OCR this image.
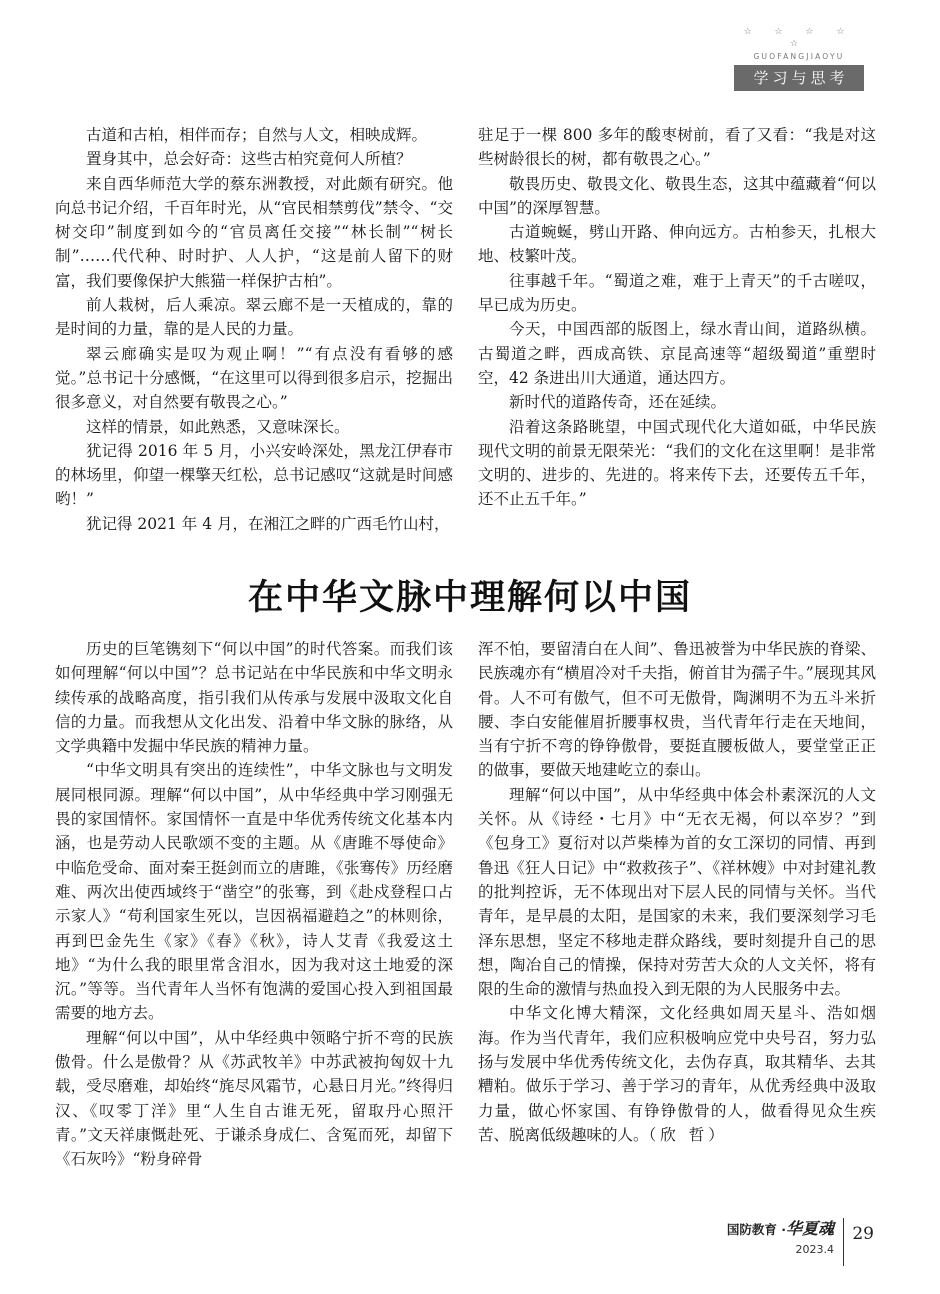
☆ ☆ ☆ ☆ ☆
GUOFANGJIAOYU
学习与思考

古道和古柏，相伴而存；自然与人文，相映成辉。

置身其中，总会好奇：这些古柏究竟何人所植？

来自西华师范大学的蔡东洲教授，对此颇有研究。他向总书记介绍，千百年时光，从“官民相禁剪伐”禁令、“交树交印”制度到如今的“官员离任交接”“林长制”“树长制”……代代种、时时护、人人护，“这是前人留下的财富，我们要像保护大熊猫一样保护古柏”。

前人栽树，后人乘凉。翠云廊不是一天植成的，靠的是时间的力量，靠的是人民的力量。

翠云廊确实是叹为观止啊！”“有点没有看够的感觉。”总书记十分感慨，“在这里可以得到很多启示，挖掘出很多意义，对自然要有敬畏之心。”

这样的情景，如此熟悉，又意味深长。

犹记得 2016 年 5 月，小兴安岭深处，黑龙江伊春市的林场里，仰望一棵擎天红松，总书记感叹“这就是时间感哟！”

犹记得 2021 年 4 月，在湘江之畔的广西毛竹山村，

驻足于一棵 800 多年的酸枣树前，看了又看：“我是对这些树龄很长的树，都有敬畏之心。”

敬畏历史、敬畏文化、敬畏生态，这其中蕴藏着“何以中国”的深厚智慧。

古道蜿蜒，劈山开路、伸向远方。古柏参天，扎根大地、枝繁叶茂。

往事越千年。“蜀道之难，难于上青天”的千古嗟叹，早已成为历史。

今天，中国西部的版图上，绿水青山间，道路纵横。古蜀道之畔，西成高铁、京昆高速等“超级蜀道”重塑时空，42 条进出川大通道，通达四方。

新时代的道路传奇，还在延续。

沿着这条路眺望，中国式现代化大道如砥，中华民族现代文明的前景无限荣光：“我们的文化在这里啊！是非常文明的、进步的、先进的。将来传下去，还要传五千年，还不止五千年。”

在中华文脉中理解何以中国

历史的巨笔镌刻下“何以中国”的时代答案。而我们该如何理解“何以中国”？总书记站在中华民族和中华文明永续传承的战略高度，指引我们从传承与发展中汲取文化自信的力量。而我想从文化出发、沿着中华文脉的脉络，从文学典籍中发掘中华民族的精神力量。

“中华文明具有突出的连续性”，中华文脉也与文明发展同根同源。理解“何以中国”，从中华经典中学习刚强无畏的家国情怀。家国情怀一直是中华优秀传统文化基本内涵，也是劳动人民歌颂不变的主题。从《唐雎不辱使命》中临危受命、面对秦王挺剑而立的唐雎，《张骞传》历经磨难、两次出使西域终于“凿空”的张骞，到《赴戍登程口占示家人》“苟利国家生死以，岂因祸福避趋之”的林则徐，再到巴金先生《家》《春》《秋》，诗人艾青《我爱这土地》“为什么我的眼里常含泪水，因为我对这土地爱的深沉。”等等。当代青年人当怀有饱满的爱国心投入到祖国最需要的地方去。

理解“何以中国”，从中华经典中领略宁折不弯的民族傲骨。什么是傲骨？从《苏武牧羊》中苏武被拘匈奴十九载，受尽磨难，却始终“旄尽风霜节，心悬日月光。”终得归汉、《叹零丁洋》里“人生自古谁无死，留取丹心照汗青。”文天祥康慨赴死、于谦杀身成仁、含冤而死，却留下《石灰吟》“粉身碎骨

浑不怕，要留清白在人间”、鲁迅被誉为中华民族的脊梁、民族魂亦有“横眉冷对千夫指，俯首甘为孺子牛。”展现其风骨。人不可有傲气，但不可无傲骨，陶渊明不为五斗米折腰、李白安能催眉折腰事权贵，当代青年行走在天地间，当有宁折不弯的铮铮傲骨，要挺直腰板做人，要堂堂正正的做事，要做天地建屹立的泰山。

理解“何以中国”，从中华经典中体会朴素深沉的人文关怀。从《诗经・七月》中“无衣无褐，何以卒岁？”到《包身工》夏衍对以芦柴棒为首的女工深切的同情、再到鲁迅《狂人日记》中“救救孩子”、《祥林嫂》中对封建礼教的批判控诉，无不体现出对下层人民的同情与关怀。当代青年，是早晨的太阳，是国家的未来，我们要深刻学习毛泽东思想，坚定不移地走群众路线，要时刻提升自己的思想，陶冶自己的情操，保持对劳苦大众的人文关怀，将有限的生命的激情与热血投入到无限的为人民服务中去。

中华文化博大精深，文化经典如周天星斗、浩如烟海。作为当代青年，我们应积极响应党中央号召，努力弘扬与发展中华优秀传统文化，去伪存真，取其精华、去其糟粕。做乐于学习、善于学习的青年，从优秀经典中汲取力量，做心怀家国、有铮铮傲骨的人，做看得见众生疾苦、脱离低级趣味的人。（欣 哲）

国防教育 ·华夏魂
2023.4
29
